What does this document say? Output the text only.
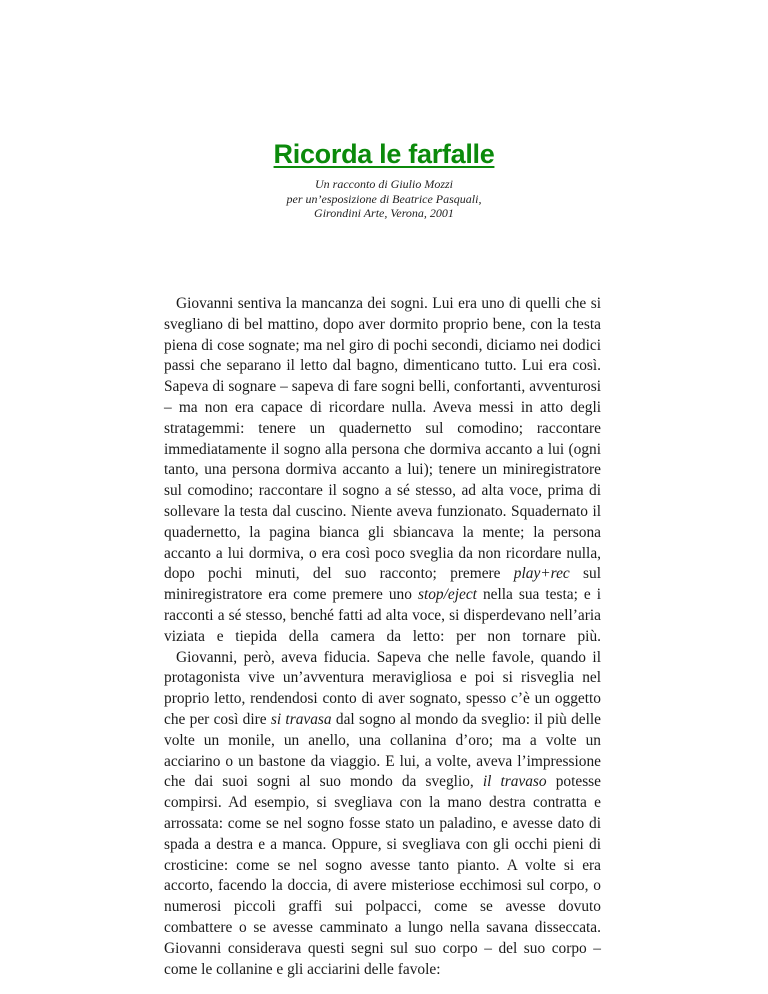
Ricorda le farfalle
Un racconto di Giulio Mozzi
per un’esposizione di Beatrice Pasquali,
Girondini Arte, Verona, 2001

Giovanni sentiva la mancanza dei sogni. Lui era uno di quelli che si svegliano di bel mattino, dopo aver dormito proprio bene, con la testa piena di cose sognate; ma nel giro di pochi secondi, diciamo nei dodici passi che separano il letto dal bagno, dimenticano tutto. Lui era così. Sapeva di sognare – sapeva di fare sogni belli, confortanti, avventurosi – ma non era capace di ricordare nulla. Aveva messi in atto degli stratagemmi: tenere un quadernetto sul comodino; raccontare immediatamente il sogno alla persona che dormiva accanto a lui (ogni tanto, una persona dormiva accanto a lui); tenere un miniregistratore sul comodino; raccontare il sogno a sé stesso, ad alta voce, prima di sollevare la testa dal cuscino. Niente aveva funzionato. Squadernato il quadernetto, la pagina bianca gli sbiancava la mente; la persona accanto a lui dormiva, o era così poco sveglia da non ricordare nulla, dopo pochi minuti, del suo racconto; premere play+rec sul miniregistratore era come premere uno stop/eject nella sua testa; e i racconti a sé stesso, benché fatti ad alta voce, si disperdevano nell’aria viziata e tiepida della camera da letto: per non tornare più.

Giovanni, però, aveva fiducia. Sapeva che nelle favole, quando il protagonista vive un’avventura meravigliosa e poi si risveglia nel proprio letto, rendendosi conto di aver sognato, spesso c’è un oggetto che per così dire si travasa dal sogno al mondo da sveglio: il più delle volte un monile, un anello, una collanina d’oro; ma a volte un acciarino o un bastone da viaggio. E lui, a volte, aveva l’impressione che dai suoi sogni al suo mondo da sveglio, il travaso potesse compirsi. Ad esempio, si svegliava con la mano destra contratta e arrossata: come se nel sogno fosse stato un paladino, e avesse dato di spada a destra e a manca. Oppure, si svegliava con gli occhi pieni di crosticine: come se nel sogno avesse tanto pianto. A volte si era accorto, facendo la doccia, di avere misteriose ecchimosi sul corpo, o numerosi piccoli graffi sui polpacci, come se avesse dovuto combattere o se avesse camminato a lungo nella savana disseccata. Giovanni considerava questi segni sul suo corpo – del suo corpo – come le collanine e gli acciarini delle favole:
